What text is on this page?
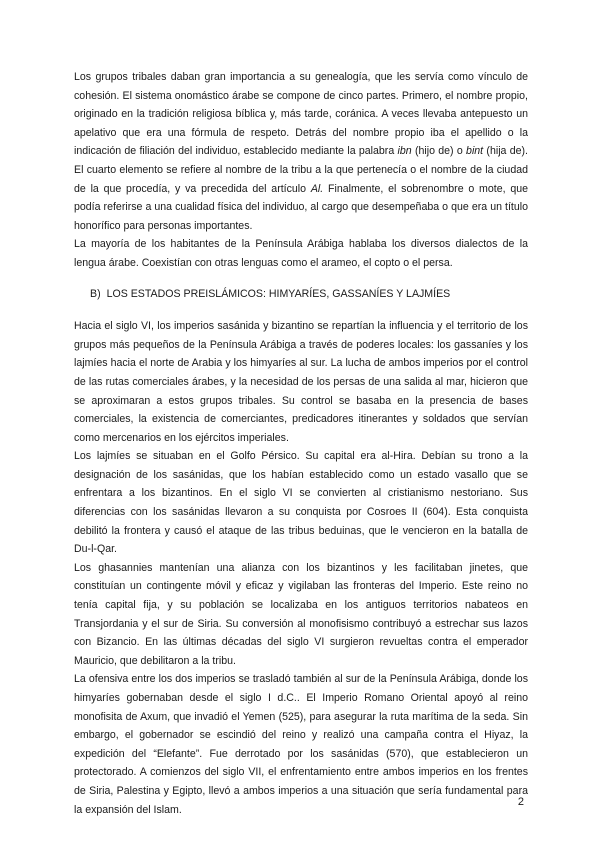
Los grupos tribales daban gran importancia a su genealogía, que les servía como vínculo de cohesión. El sistema onomástico árabe se compone de cinco partes. Primero, el nombre propio, originado en la tradición religiosa bíblica y, más tarde, coránica. A veces llevaba antepuesto un apelativo que era una fórmula de respeto. Detrás del nombre propio iba el apellido o la indicación de filiación del individuo, establecido mediante la palabra ibn (hijo de) o bint (hija de). El cuarto elemento se refiere al nombre de la tribu a la que pertenecía o el nombre de la ciudad de la que procedía, y va precedida del artículo Al. Finalmente, el sobrenombre o mote, que podía referirse a una cualidad física del individuo, al cargo que desempeñaba o que era un título honorífico para personas importantes.

La mayoría de los habitantes de la Península Arábiga hablaba los diversos dialectos de la lengua árabe. Coexistían con otras lenguas como el arameo, el copto o el persa.

B) LOS ESTADOS PREISLÁMICOS: HIMYARÍES, GASSANÍES Y LAJMÍES

Hacia el siglo VI, los imperios sasánida y bizantino se repartían la influencia y el territorio de los grupos más pequeños de la Península Arábiga a través de poderes locales: los gassaníes y los lajmíes hacia el norte de Arabia y los himyaríes al sur. La lucha de ambos imperios por el control de las rutas comerciales árabes, y la necesidad de los persas de una salida al mar, hicieron que se aproximaran a estos grupos tribales. Su control se basaba en la presencia de bases comerciales, la existencia de comerciantes, predicadores itinerantes y soldados que servían como mercenarios en los ejércitos imperiales.

Los lajmíes se situaban en el Golfo Pérsico. Su capital era al-Hira. Debían su trono a la designación de los sasánidas, que los habían establecido como un estado vasallo que se enfrentara a los bizantinos. En el siglo VI se convierten al cristianismo nestoriano. Sus diferencias con los sasánidas llevaron a su conquista por Cosroes II (604). Esta conquista debilitó la frontera y causó el ataque de las tribus beduinas, que le vencieron en la batalla de Du-l-Qar.

Los ghasannies mantenían una alianza con los bizantinos y les facilitaban jinetes, que constituían un contingente móvil y eficaz y vigilaban las fronteras del Imperio. Este reino no tenía capital fija, y su población se localizaba en los antiguos territorios nabateos en Transjordania y el sur de Siria. Su conversión al monofisismo contribuyó a estrechar sus lazos con Bizancio. En las últimas décadas del siglo VI surgieron revueltas contra el emperador Mauricio, que debilitaron a la tribu.

La ofensiva entre los dos imperios se trasladó también al sur de la Península Arábiga, donde los himyaríes gobernaban desde el siglo I d.C.. El Imperio Romano Oriental apoyó al reino monofisita de Axum, que invadió el Yemen (525), para asegurar la ruta marítima de la seda. Sin embargo, el gobernador se escindió del reino y realizó una campaña contra el Hiyaz, la expedición del “Elefante”. Fue derrotado por los sasánidas (570), que establecieron un protectorado. A comienzos del siglo VII, el enfrentamiento entre ambos imperios en los frentes de Siria, Palestina y Egipto, llevó a ambos imperios a una situación que sería fundamental para la expansión del Islam.

2
